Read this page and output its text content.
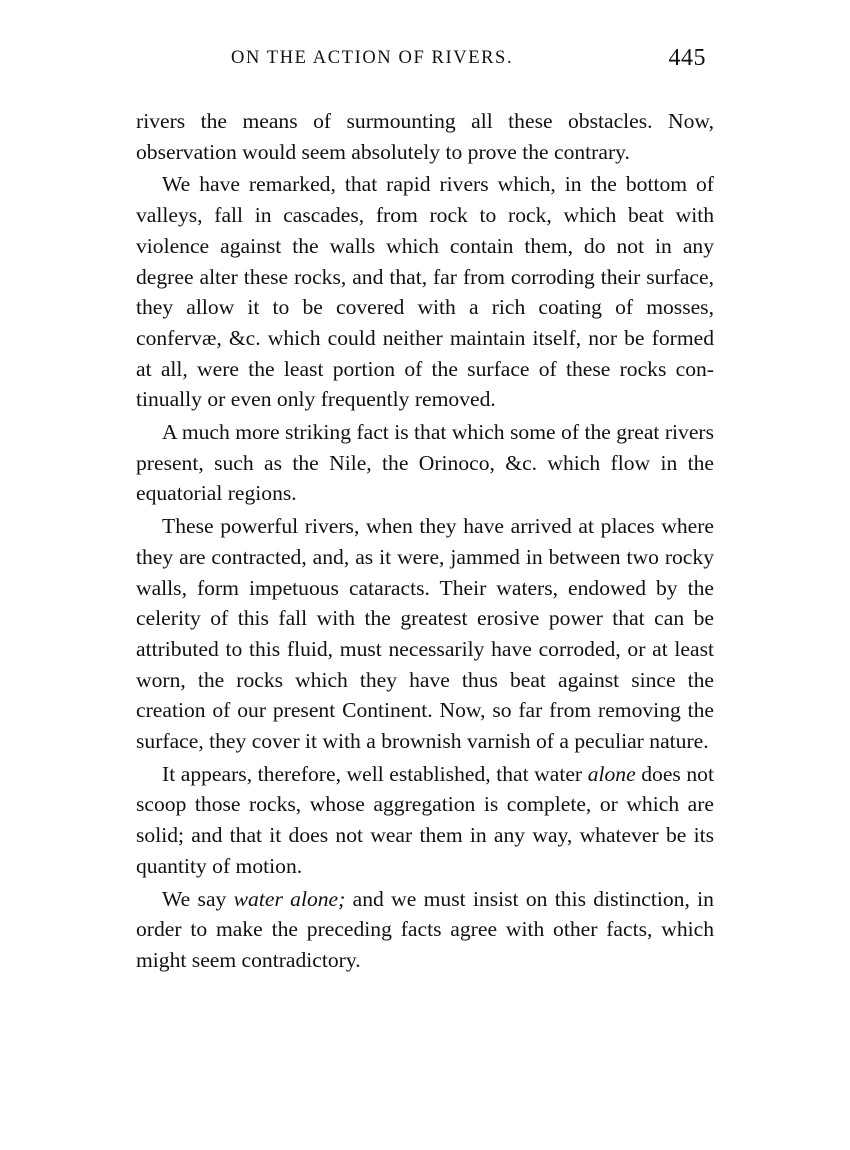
ON THE ACTION OF RIVERS.	445

rivers the means of surmounting all these obstacles. Now, observation would seem absolutely to prove the contrary.

We have remarked, that rapid rivers which, in the bottom of valleys, fall in cascades, from rock to rock, which beat with violence against the walls which contain them, do not in any degree alter these rocks, and that, far from corroding their surface, they allow it to be covered with a rich coating of mosses, confervæ, &c. which could neither maintain itself, nor be formed at all, were the least portion of the surface of these rocks continually or even only frequently removed.

A much more striking fact is that which some of the great rivers present, such as the Nile, the Orinoco, &c. which flow in the equatorial regions.

These powerful rivers, when they have arrived at places where they are contracted, and, as it were, jammed in between two rocky walls, form impetuous cataracts. Their waters, endowed by the celerity of this fall with the greatest erosive power that can be attributed to this fluid, must necessarily have corroded, or at least worn, the rocks which they have thus beat against since the creation of our present Continent. Now, so far from removing the surface, they cover it with a brownish varnish of a peculiar nature.

It appears, therefore, well established, that water alone does not scoop those rocks, whose aggregation is complete, or which are solid; and that it does not wear them in any way, whatever be its quantity of motion.

We say water alone; and we must insist on this distinction, in order to make the preceding facts agree with other facts, which might seem contradictory.
